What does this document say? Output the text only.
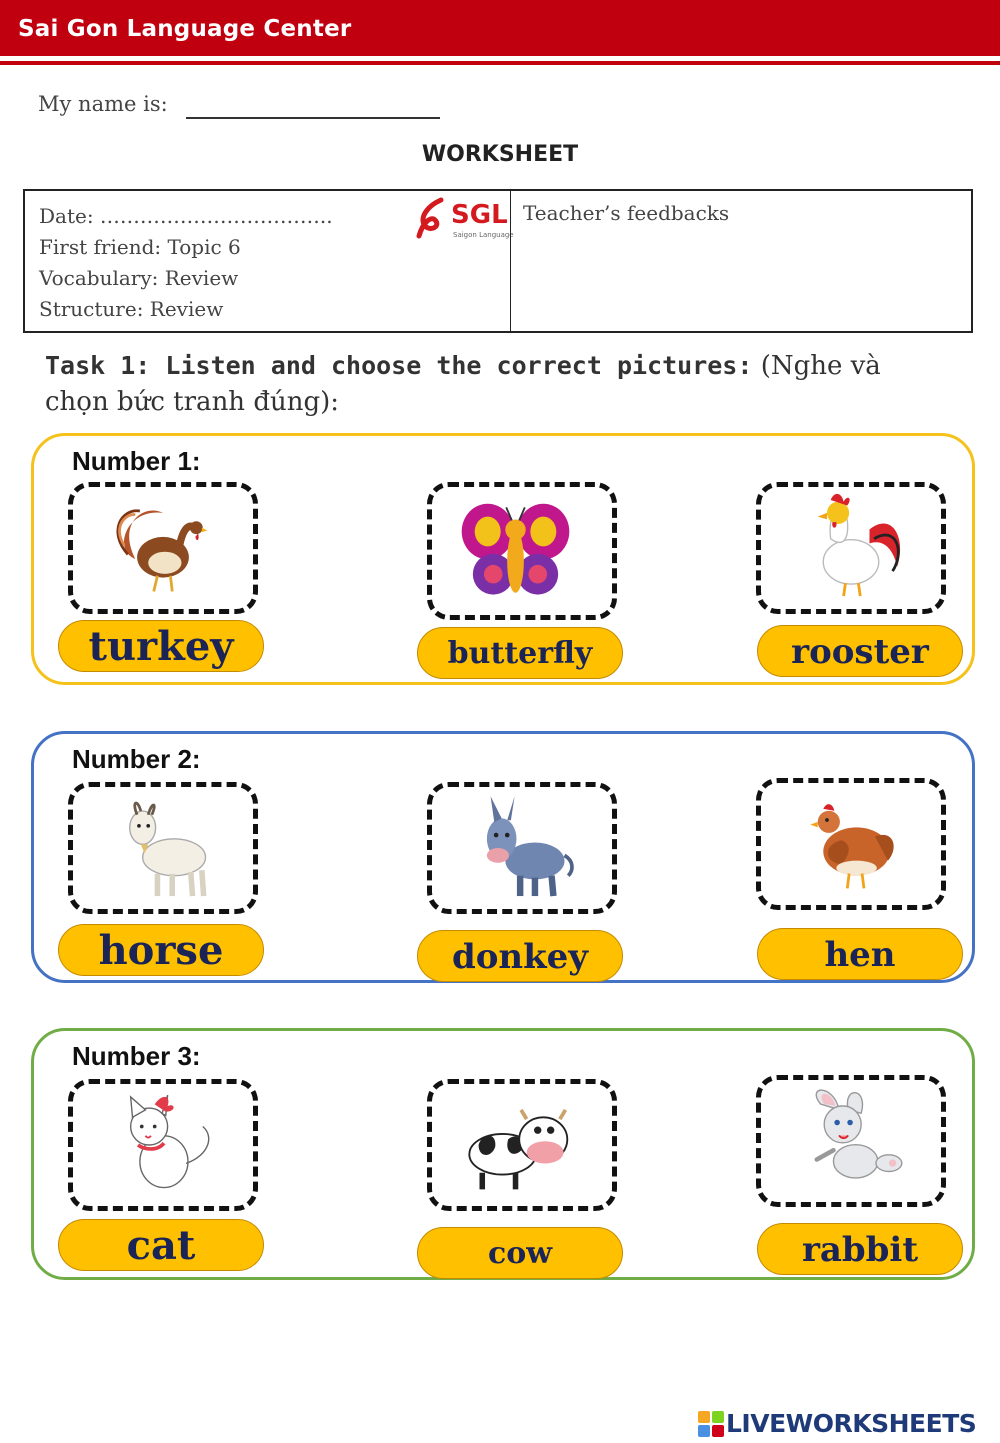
Sai Gon Language Center
My name is:
WORKSHEET
Date: ……………………………..
First friend: Topic 6
Vocabulary: Review
Structure: Review
SGL
Saigon Language
Teacher’s feedbacks
Task 1: Listen and choose the correct pictures: (Nghe và chọn bức tranh đúng):
Number 1:
turkey	butterfly	rooster
Number 2:
horse	donkey	hen
Number 3:
cat	cow	rabbit
LIVEWORKSHEETS
